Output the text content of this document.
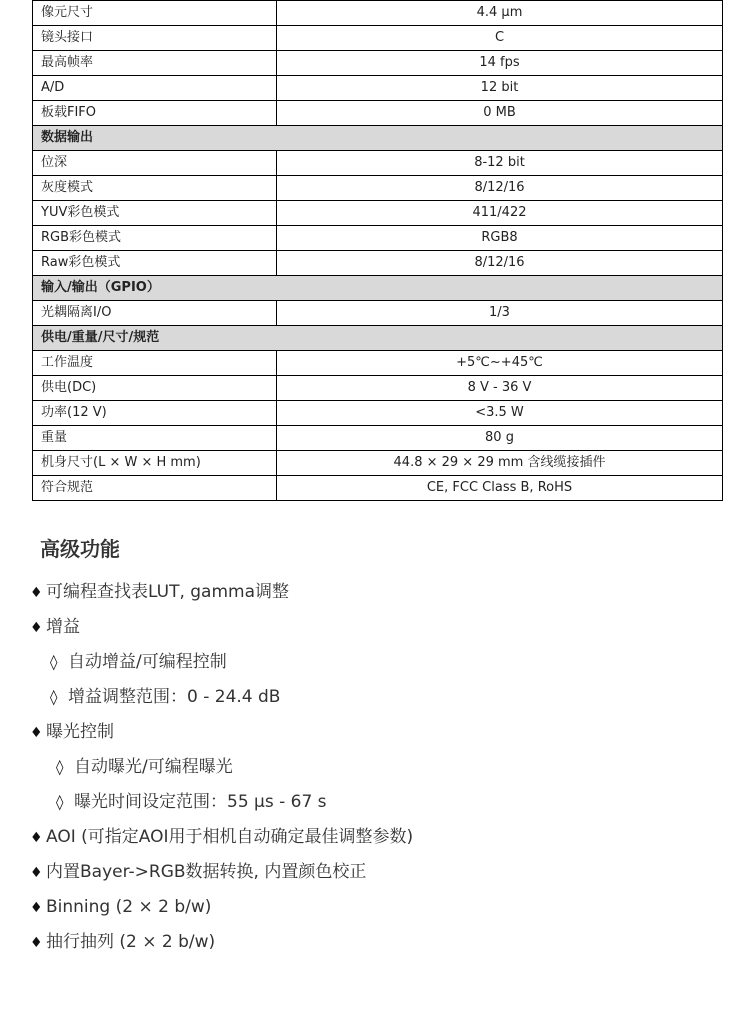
像元尺寸	4.4 µm
镜头接口	C
最高帧率	14 fps
A/D	12 bit
板载FIFO	0 MB
数据输出	
位深	8-12 bit
灰度模式	8/12/16
YUV彩色模式	411/422
RGB彩色模式	RGB8
Raw彩色模式	8/12/16
输入/输出（GPIO）	
光耦隔离I/O	1/3
供电/重量/尺寸/规范	
工作温度	+5℃~+45℃
供电(DC)	8 V - 36 V
功率(12 V)	<3.5 W
重量	80 g
机身尺寸(L × W × H mm)	44.8 × 29 × 29 mm 含线缆接插件
符合规范	CE, FCC Class B, RoHS
高级功能
♦ 可编程查找表LUT, gamma调整
♦ 增益
◊ 自动增益/可编程控制
◊ 增益调整范围：0 - 24.4 dB
♦ 曝光控制
◊ 自动曝光/可编程曝光
◊ 曝光时间设定范围：55 µs - 67 s
♦ AOI (可指定AOI用于相机自动确定最佳调整参数)
♦ 内置Bayer->RGB数据转换, 内置颜色校正
♦ Binning (2 × 2 b/w)
♦ 抽行抽列 (2 × 2 b/w)
